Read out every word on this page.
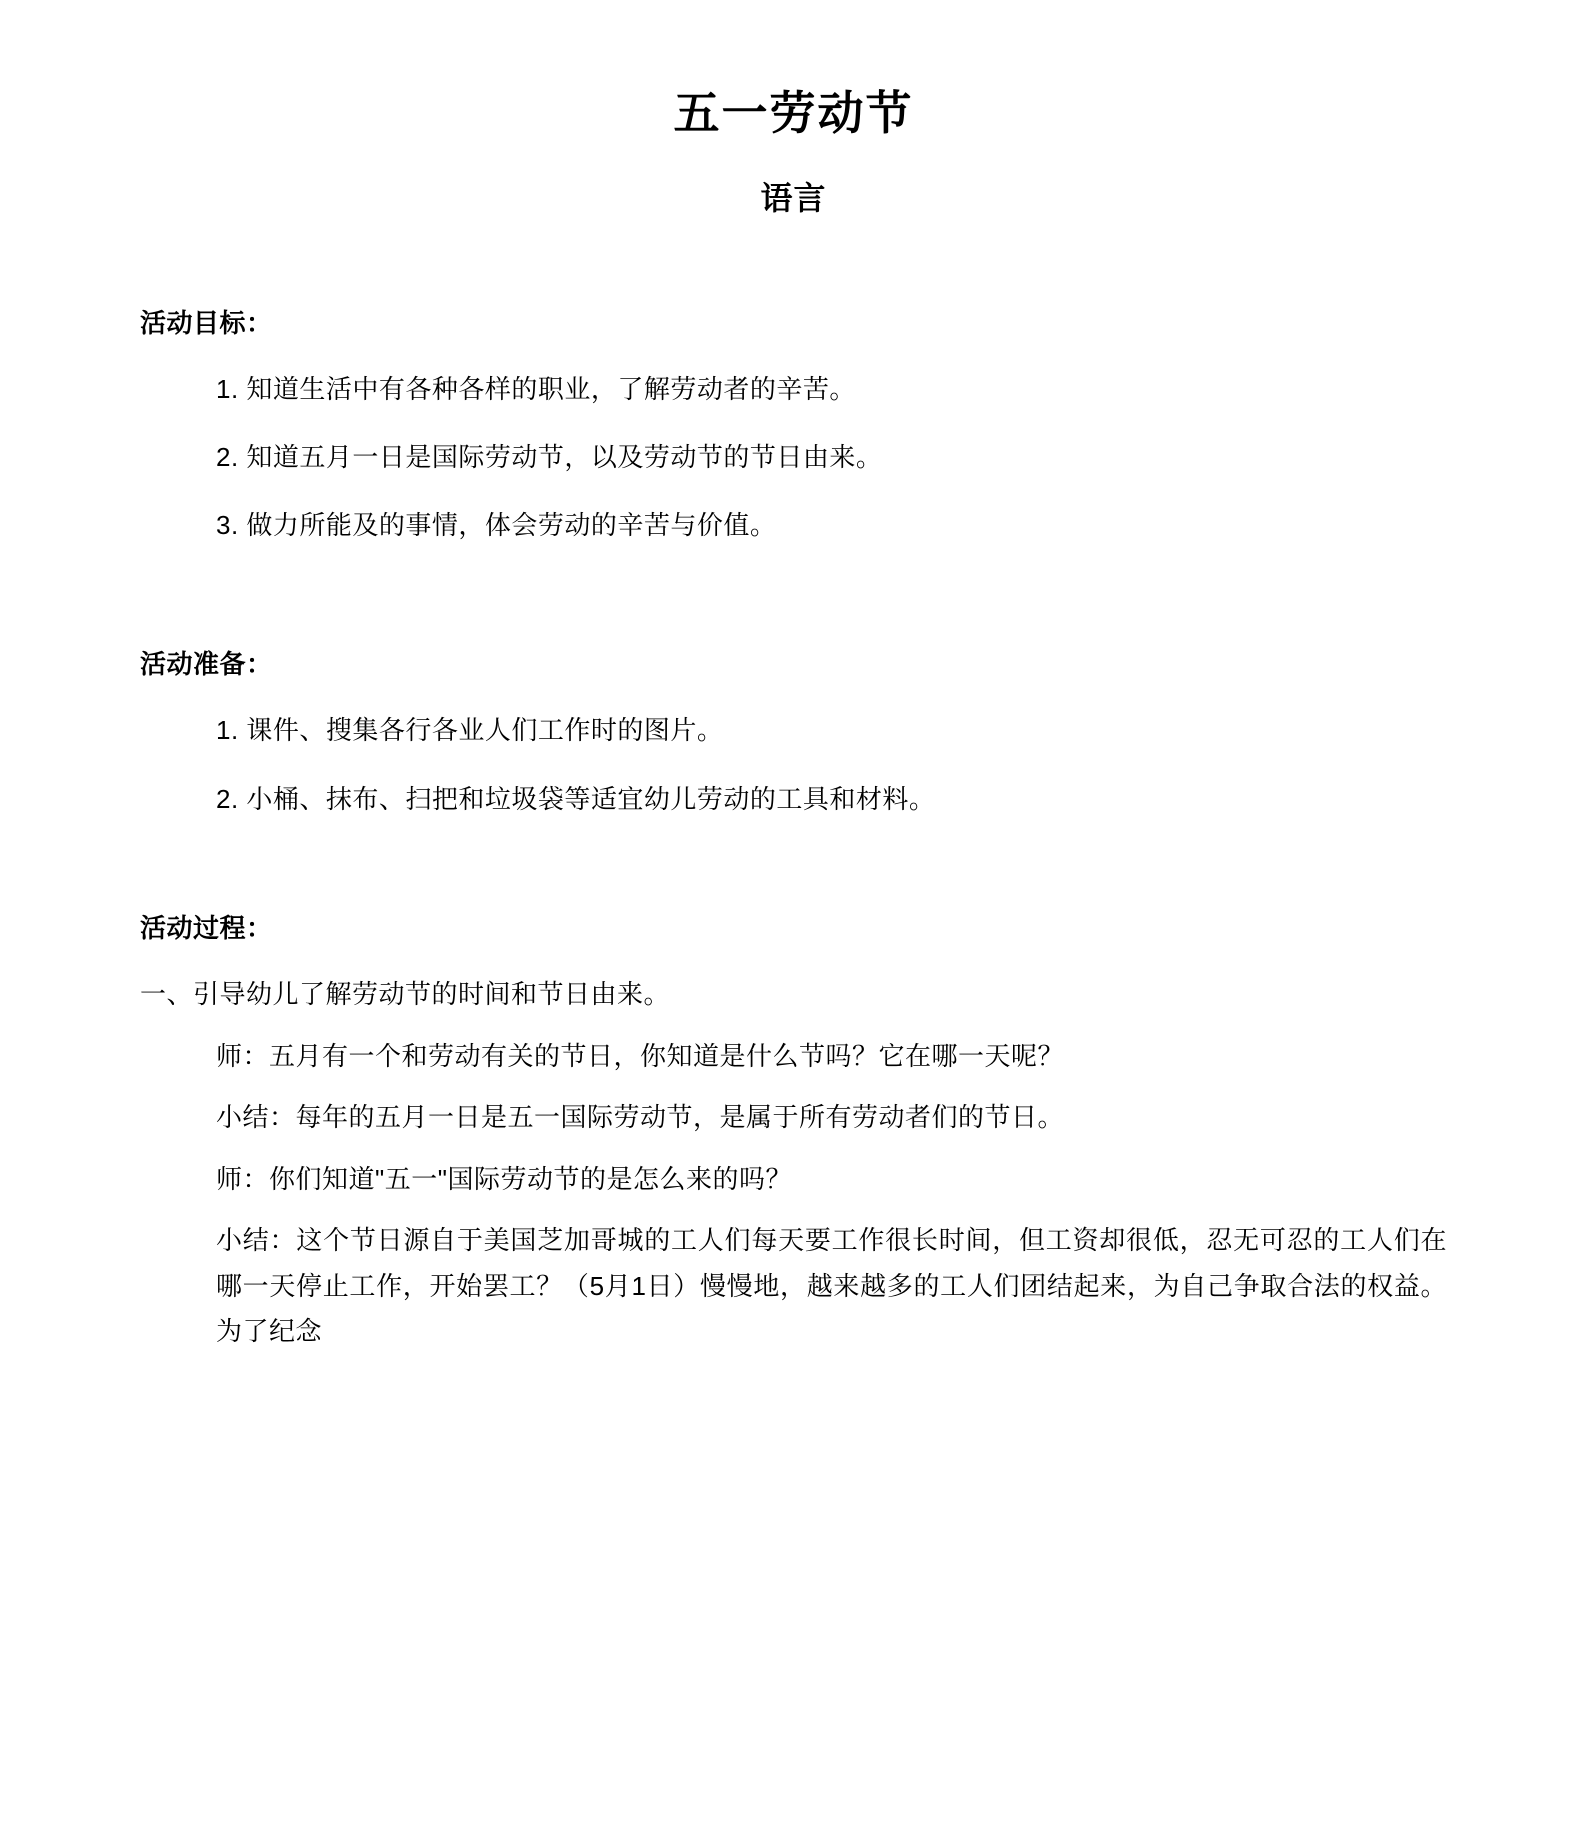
五一劳动节
语言
活动目标：

1. 知道生活中有各种各样的职业，了解劳动者的辛苦。

2. 知道五月一日是国际劳动节，以及劳动节的节日由来。

3. 做力所能及的事情，体会劳动的辛苦与价值。

活动准备：

1. 课件、搜集各行各业人们工作时的图片。

2. 小桶、抹布、扫把和垃圾袋等适宜幼儿劳动的工具和材料。

活动过程：

一、引导幼儿了解劳动节的时间和节日由来。

师：五月有一个和劳动有关的节日，你知道是什么节吗？它在哪一天呢？

小结：每年的五月一日是五一国际劳动节，是属于所有劳动者们的节日。

师：你们知道"五一"国际劳动节的是怎么来的吗？

小结：这个节日源自于美国芝加哥城的工人们每天要工作很长时间，但工资却很低，忍无可忍的工人们在哪一天停止工作，开始罢工？（5月1日）慢慢地，越来越多的工人们团结起来，为自己争取合法的权益。为了纪念
